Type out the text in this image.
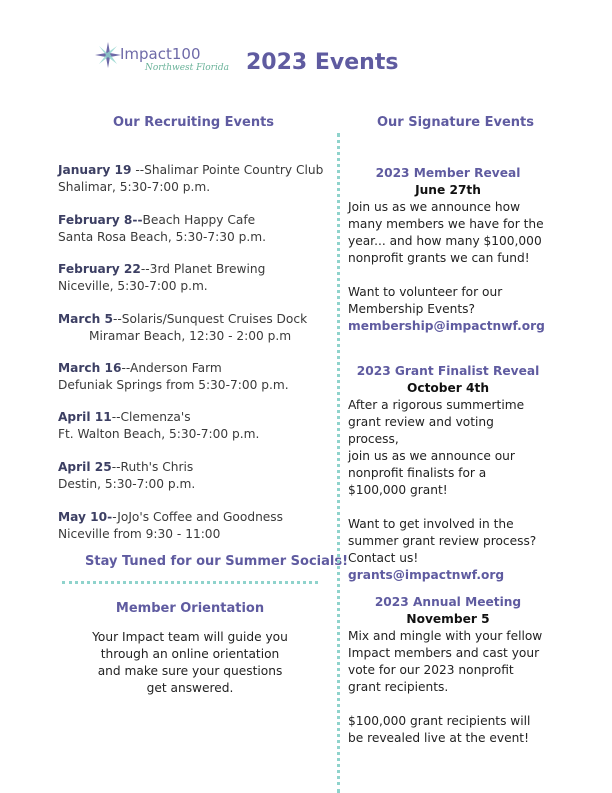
Impact100
Northwest Florida 2023 Events
Our Recruiting Events
January 19 --Shalimar Pointe Country Club
Shalimar, 5:30-7:00 p.m.
February 8--Beach Happy Cafe
Santa Rosa Beach, 5:30-7:30 p.m.
February 22--3rd Planet Brewing
Niceville, 5:30-7:00 p.m.
March 5--Solaris/Sunquest Cruises Dock
Miramar Beach, 12:30 - 2:00 p.m
March 16--Anderson Farm
Defuniak Springs from 5:30-7:00 p.m.
April 11--Clemenza's
Ft. Walton Beach, 5:30-7:00 p.m.
April 25--Ruth's Chris
Destin, 5:30-7:00 p.m.
May 10--JoJo's Coffee and Goodness
Niceville from 9:30 - 11:00
Stay Tuned for our Summer Socials!
Member Orientation
Your Impact team will guide you
through an online orientation
and make sure your questions
get answered.
Our Signature Events
2023 Member Reveal
June 27th
Join us as we announce how
many members we have for the
year... and how many $100,000
nonprofit grants we can fund!
Want to volunteer for our
Membership Events?
membership@impactnwf.org
2023 Grant Finalist Reveal
October 4th
After a rigorous summertime
grant review and voting process,
join us as we announce our
nonprofit finalists for a
$100,000 grant!
Want to get involved in the
summer grant review process?
Contact us!
grants@impactnwf.org
2023 Annual Meeting
November 5
Mix and mingle with your fellow
Impact members and cast your
vote for our 2023 nonprofit
grant recipients.
$100,000 grant recipients will
be revealed live at the event!
